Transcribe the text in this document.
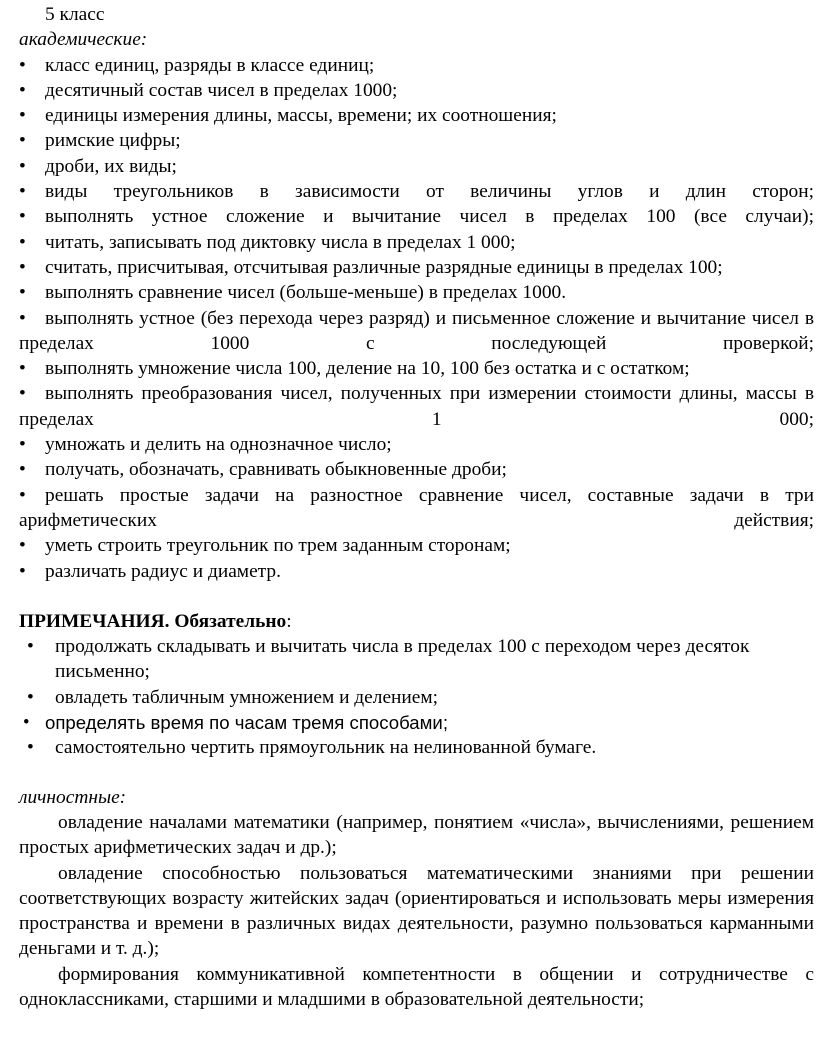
5 класс
академические:
• класс единиц, разряды в классе единиц;
• десятичный состав чисел в пределах 1000;
• единицы измерения длины, массы, времени; их соотношения;
• римские цифры;
• дроби, их виды;
• виды треугольников в зависимости от величины углов и длин сторон;
• выполнять устное сложение и вычитание чисел в пределах 100 (все случаи);
• читать, записывать под диктовку числа в пределах 1 000;
• считать, присчитывая, отсчитывая различные разрядные единицы в пределах 100;
• выполнять сравнение чисел (больше-меньше) в пределах 1000.
• выполнять устное (без перехода через разряд) и письменное сложение и вычитание чисел в пределах 1000 с последующей проверкой;
• выполнять умножение числа 100, деление на 10, 100 без остатка и с остатком;
• выполнять преобразования чисел, полученных при измерении стоимости длины, массы в пределах 1 000;
• умножать и делить на однозначное число;
• получать, обозначать, сравнивать обыкновенные дроби;
• решать простые задачи на разностное сравнение чисел, составные задачи в три арифметических действия;
• уметь строить треугольник по трем заданным сторонам;
• различать радиус и диаметр.
ПРИМЕЧАНИЯ. Обязательно:
• продолжать складывать и вычитать числа в пределах 100 с переходом через десяток письменно;
• овладеть табличным умножением и делением;
• определять время по часам тремя способами;
• самостоятельно чертить прямоугольник на нелинованной бумаге.
личностные:
овладение началами математики (например, понятием «числа», вычислениями, решением простых арифметических задач и др.);
овладение способностью пользоваться математическими знаниями при решении соответствующих возрасту житейских задач (ориентироваться и использовать меры измерения пространства и времени в различных видах деятельности, разумно пользоваться карманными деньгами и т. д.);
формирования коммуникативной компетентности в общении и сотрудничестве с одноклассниками, старшими и младшими в образовательной деятельности;
